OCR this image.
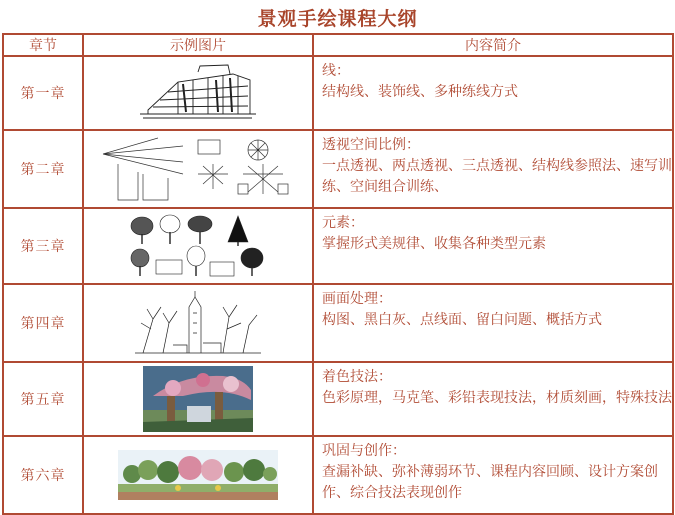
景观手绘课程大纲
章节	示例图片	内容简介
第一章		线：
结构线、装饰线、多种练线方式

第二章		透视空间比例：
一点透视、两点透视、三点透视、结构线参照法、速写训练、空间组合训练、

第三章		元素：
掌握形式美规律、收集各种类型元素

第四章		画面处理：
构图、黑白灰、点线面、留白问题、概括方式

第五章		着色技法：
色彩原理，马克笔、彩铅表现技法，材质刻画，特殊技法

第六章		巩固与创作：
查漏补缺、弥补薄弱环节、课程内容回顾、设计方案创作、综合技法表现创作
